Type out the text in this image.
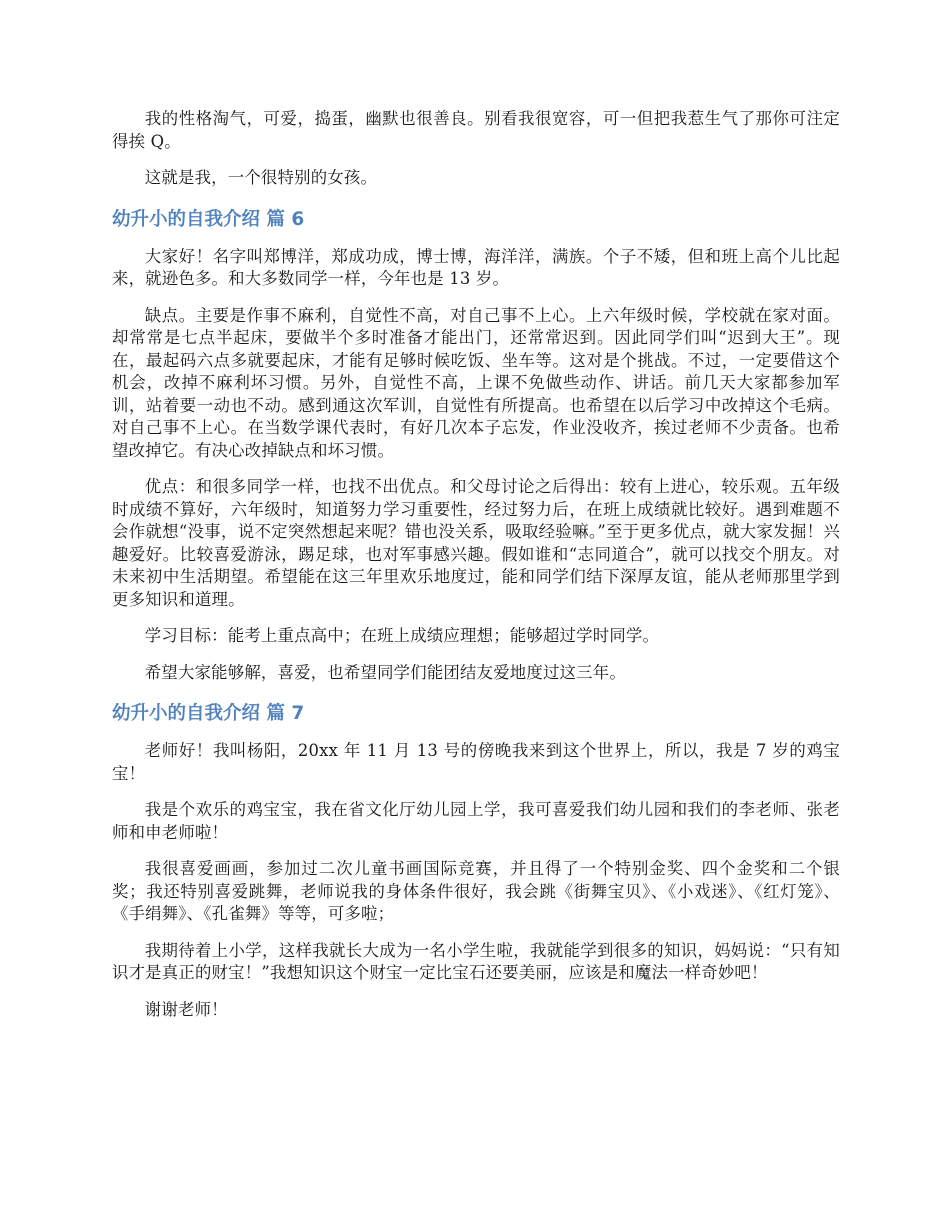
我的性格淘气，可爱，捣蛋，幽默也很善良。别看我很宽容，可一但把我惹生气了那你可注定得挨 Q。

这就是我，一个很特别的女孩。

幼升小的自我介绍 篇 6

大家好！名字叫郑博洋，郑成功成，博士博，海洋洋，满族。个子不矮，但和班上高个儿比起来，就逊色多。和大多数同学一样，今年也是 13 岁。

缺点。主要是作事不麻利，自觉性不高，对自己事不上心。上六年级时候，学校就在家对面。却常常是七点半起床，要做半个多时准备才能出门，还常常迟到。因此同学们叫“迟到大王”。现在，最起码六点多就要起床，才能有足够时候吃饭、坐车等。这对是个挑战。不过，一定要借这个机会，改掉不麻利坏习惯。另外，自觉性不高，上课不免做些动作、讲话。前几天大家都参加军训，站着要一动也不动。感到通这次军训，自觉性有所提高。也希望在以后学习中改掉这个毛病。对自己事不上心。在当数学课代表时，有好几次本子忘发，作业没收齐，挨过老师不少责备。也希望改掉它。有决心改掉缺点和坏习惯。

优点：和很多同学一样，也找不出优点。和父母讨论之后得出：较有上进心，较乐观。五年级时成绩不算好，六年级时，知道努力学习重要性，经过努力后，在班上成绩就比较好。遇到难题不会作就想“没事，说不定突然想起来呢？错也没关系，吸取经验嘛。”至于更多优点，就大家发掘！兴趣爱好。比较喜爱游泳，踢足球，也对军事感兴趣。假如谁和“志同道合”，就可以找交个朋友。对未来初中生活期望。希望能在这三年里欢乐地度过，能和同学们结下深厚友谊，能从老师那里学到更多知识和道理。

学习目标：能考上重点高中；在班上成绩应理想；能够超过学时同学。

希望大家能够解，喜爱，也希望同学们能团结友爱地度过这三年。

幼升小的自我介绍 篇 7

老师好！我叫杨阳，20xx 年 11 月 13 号的傍晚我来到这个世界上，所以，我是 7 岁的鸡宝宝！

我是个欢乐的鸡宝宝，我在省文化厅幼儿园上学，我可喜爱我们幼儿园和我们的李老师、张老师和申老师啦！

我很喜爱画画，参加过二次儿童书画国际竞赛，并且得了一个特别金奖、四个金奖和二个银奖；我还特别喜爱跳舞，老师说我的身体条件很好，我会跳《街舞宝贝》、《小戏迷》、《红灯笼》、《手绢舞》、《孔雀舞》等等，可多啦；

我期待着上小学，这样我就长大成为一名小学生啦，我就能学到很多的知识，妈妈说：“只有知识才是真正的财宝！”我想知识这个财宝一定比宝石还要美丽，应该是和魔法一样奇妙吧！

谢谢老师！
